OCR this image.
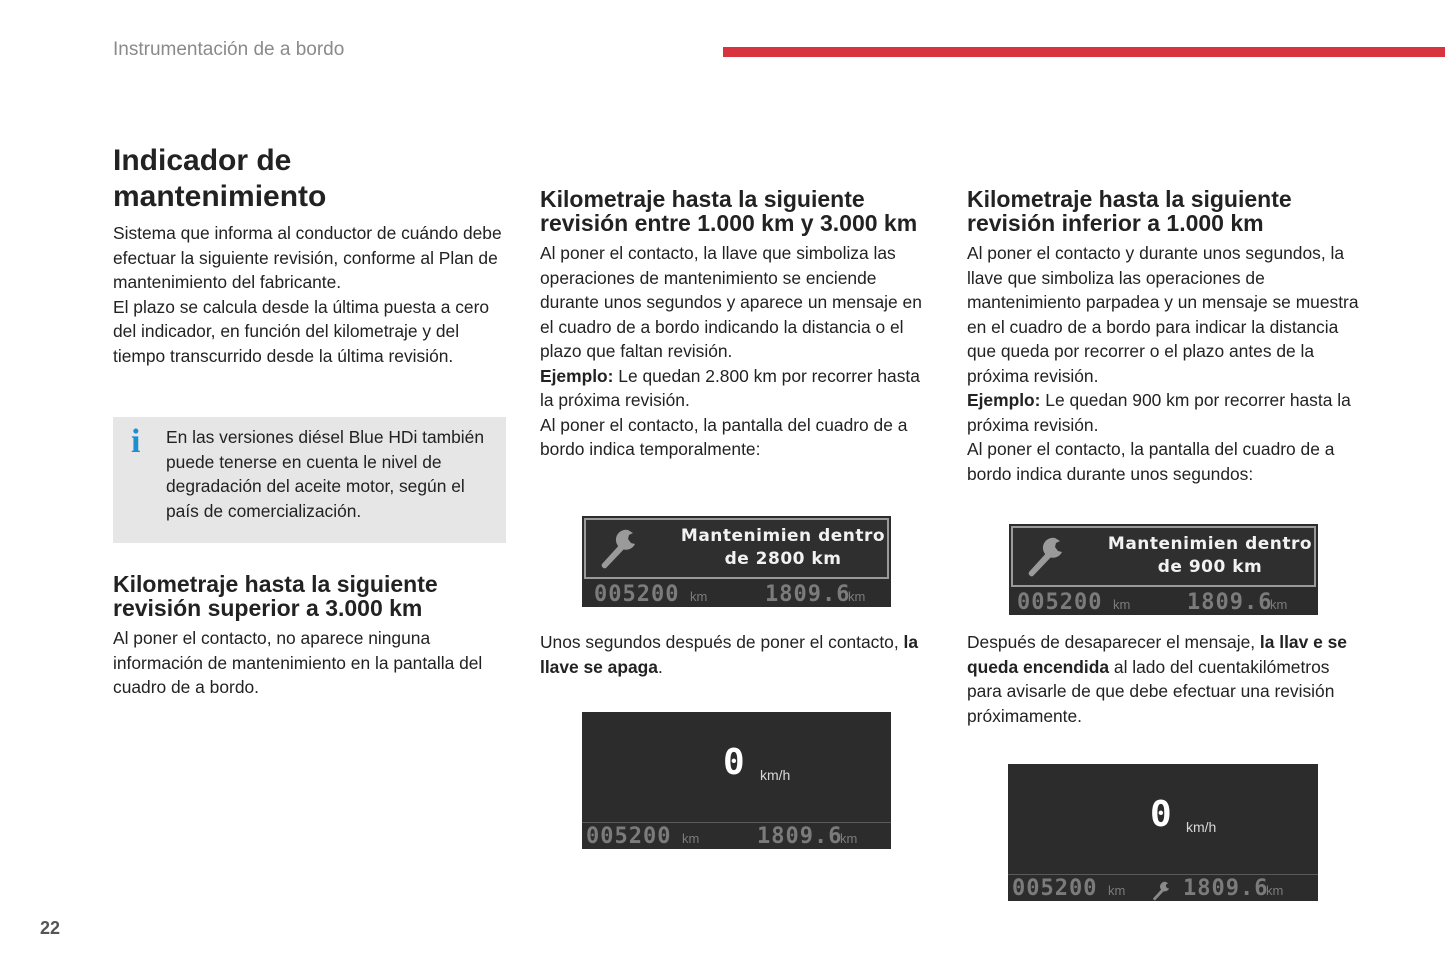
Instrumentación de a bordo
Indicador de mantenimiento

Sistema que informa al conductor de cuándo debe efectuar la siguiente revisión, conforme al Plan de mantenimiento del fabricante.

El plazo se calcula desde la última puesta a cero del indicador, en función del kilometraje y del tiempo transcurrido desde la última revisión.

i En las versiones diésel Blue HDi también puede tenerse en cuenta le nivel de degradación del aceite motor, según el país de comercialización.

Kilometraje hasta la siguiente revisión superior a 3.000 km

Al poner el contacto, no aparece ninguna información de mantenimiento en la pantalla del cuadro de a bordo.

Kilometraje hasta la siguiente revisión entre 1.000 km y 3.000 km

Al poner el contacto, la llave que simboliza las operaciones de mantenimiento se enciende durante unos segundos y aparece un mensaje en el cuadro de a bordo indicando la distancia o el plazo que faltan revisión.

Ejemplo: Le quedan 2.800 km por recorrer hasta la próxima revisión.

Al poner el contacto, la pantalla del cuadro de a bordo indica temporalmente:

Mantenimien dentro
de 2800 km
005200 km	1809.6
km

Unos segundos después de poner el contacto, la llave se apaga.

0 km/h
005200 km	1809.6
km
Kilometraje hasta la siguiente revisión inferior a 1.000 km

Al poner el contacto y durante unos segundos, la llave que simboliza las operaciones de mantenimiento parpadea y un mensaje se muestra en el cuadro de a bordo para indicar la distancia que queda por recorrer o el plazo antes de la próxima revisión.

Ejemplo: Le quedan 900 km por recorrer hasta la próxima revisión.

Al poner el contacto, la pantalla del cuadro de a bordo indica durante unos segundos:

Mantenimien dentro
de 900 km
005200 km	1809.6
km

Después de desaparecer el mensaje, la llav e se queda encendida al lado del cuentakilómetros para avisarle de que debe efectuar una revisión próximamente.

0 km/h
005200 km	1809.6
km
22
